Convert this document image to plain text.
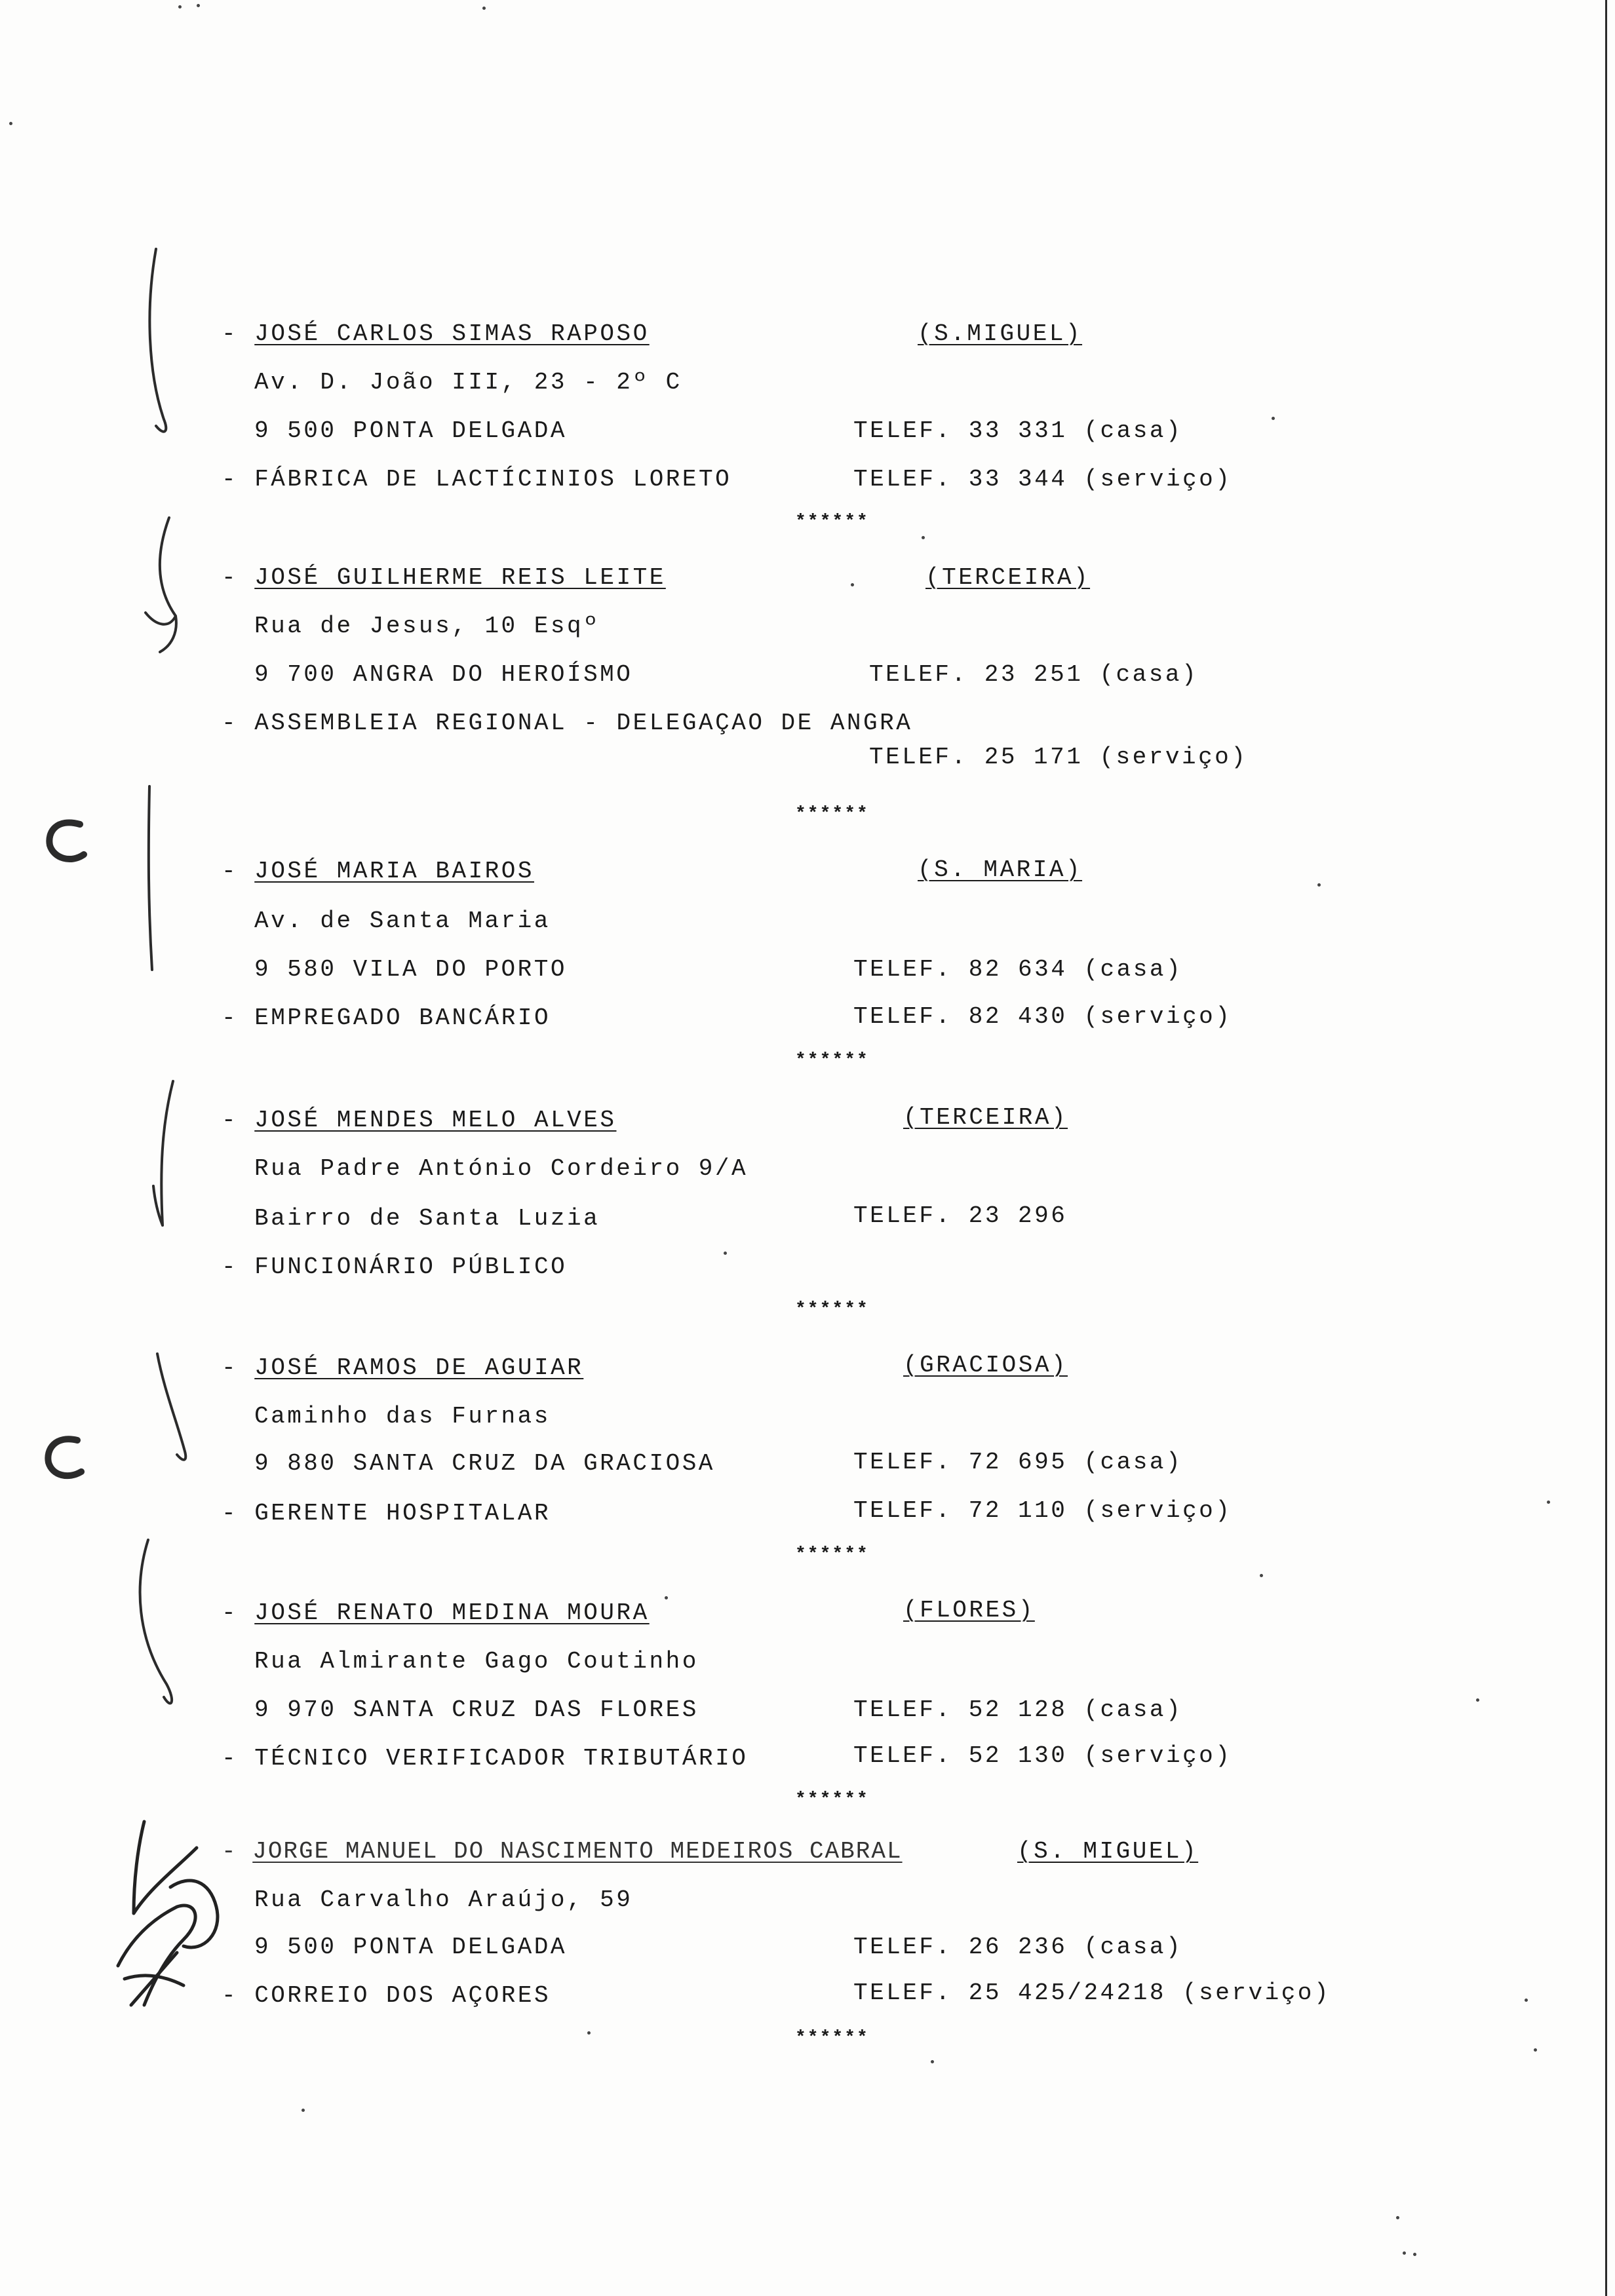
- JOSÉ CARLOS SIMAS RAPOSO	(S.MIGUEL)
Av. D. João III, 23 - 2º C
9 500 PONTA DELGADA	TELEF. 33 331 (casa)
- FÁBRICA DE LACTÍCINIOS LORETO	TELEF. 33 344 (serviço)
******
- JOSÉ GUILHERME REIS LEITE	(TERCEIRA)
Rua de Jesus, 10 Esqº
9 700 ANGRA DO HEROÍSMO	TELEF. 23 251 (casa)
- ASSEMBLEIA REGIONAL - DELEGAÇAO DE ANGRA
TELEF. 25 171 (serviço)
******
- JOSÉ MARIA BAIROS	(S. MARIA)
Av. de Santa Maria
9 580 VILA DO PORTO	TELEF. 82 634 (casa)
- EMPREGADO BANCÁRIO	TELEF. 82 430 (serviço)
******
- JOSÉ MENDES MELO ALVES	(TERCEIRA)
Rua Padre António Cordeiro 9/A
Bairro de Santa Luzia	TELEF. 23 296
- FUNCIONÁRIO PÚBLICO
******
- JOSÉ RAMOS DE AGUIAR	(GRACIOSA)
Caminho das Furnas
9 880 SANTA CRUZ DA GRACIOSA	TELEF. 72 695 (casa)
- GERENTE HOSPITALAR	TELEF. 72 110 (serviço)
******
- JOSÉ RENATO MEDINA MOURA	(FLORES)
Rua Almirante Gago Coutinho
9 970 SANTA CRUZ DAS FLORES	TELEF. 52 128 (casa)
- TÉCNICO VERIFICADOR TRIBUTÁRIO	TELEF. 52 130 (serviço)
******
- JORGE MANUEL DO NASCIMENTO MEDEIROS CABRAL	(S. MIGUEL)
Rua Carvalho Araújo, 59
9 500 PONTA DELGADA	TELEF. 26 236 (casa)
- CORREIO DOS AÇORES	TELEF. 25 425/24218 (serviço)
******
